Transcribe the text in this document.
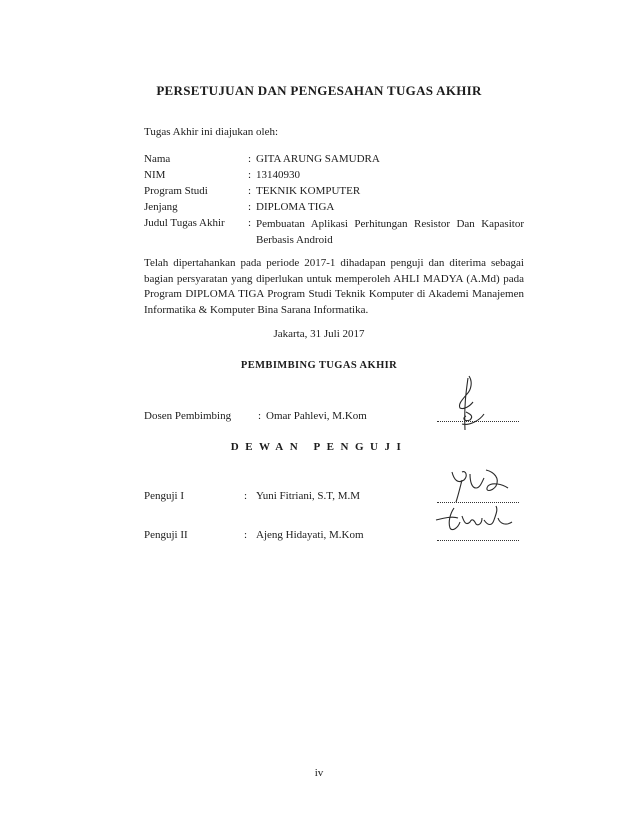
PERSETUJUAN DAN PENGESAHAN TUGAS AKHIR
Tugas Akhir ini diajukan oleh:
Nama	: GITA ARUNG SAMUDRA
NIM	: 13140930
Program Studi	: TEKNIK KOMPUTER
Jenjang	: DIPLOMA TIGA
Judul Tugas Akhir : Pembuatan Aplikasi Perhitungan Resistor Dan Kapasitor Berbasis Android
Telah dipertahankan pada periode 2017-1 dihadapan penguji dan diterima sebagai bagian persyaratan yang diperlukan untuk memperoleh AHLI MADYA (A.Md) pada Program DIPLOMA TIGA Program Studi Teknik Komputer di Akademi Manajemen Informatika & Komputer Bina Sarana Informatika.
Jakarta, 31 Juli 2017
PEMBIMBING TUGAS AKHIR
Dosen Pembimbing : Omar Pahlevi, M.Kom
DEWAN PENGUJI
Penguji I	: Yuni Fitriani, S.T, M.M
Penguji II	: Ajeng Hidayati, M.Kom
iv
